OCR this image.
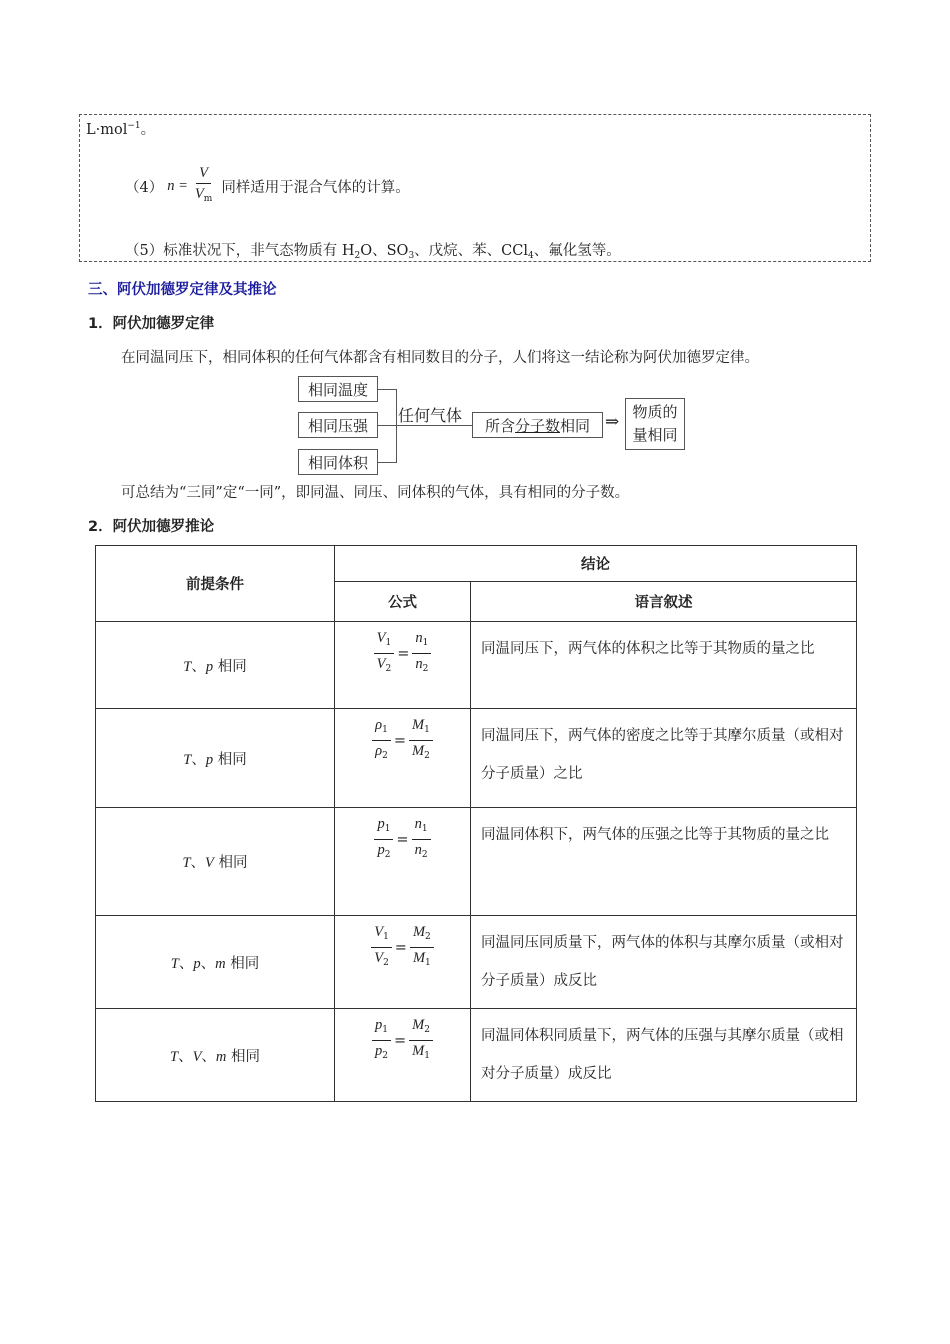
L·mol$^{-1}$。
（4） $n = \frac{V}{V_m}$ 同样适用于混合气体的计算。
（5）标准状况下，非气态物质有 $H_2O$、$SO_3$、戊烷、苯、CCl$_4$、氟化氢等。
三、阿伏加德罗定律及其推论
1．阿伏加德罗定律
在同温同压下，相同体积的任何气体都含有相同数目的分子，人们将这一结论称为阿伏加德罗定律。
相同温度
相同压强
相同体积
任何气体
所含 分子数 相同 ⇒ 物质的
量相同
可总结为“三同”定“一同”，即同温、同压、同体积的气体，具有相同的分子数。
2．阿伏加德罗推论
前提条件	结论	
	公式	语言叙述
T、p 相同	$\frac{V_1}{V_2} = \frac{n_1}{n_2}$	同温同压下，两气体的体积之比等于其物质的量之比
T、p 相同	$\frac{\rho_1}{\rho_2} = \frac{M_1}{M_2}$	同温同压下，两气体的密度之比等于其摩尔质量（或相对分子质量）之比
T、V 相同	$\frac{p_1}{p_2} = \frac{n_1}{n_2}$	同温同体积下，两气体的压强之比等于其物质的量之比
T、p、m 相同	$\frac{V_1}{V_2} = \frac{M_2}{M_1}$	同温同压同质量下，两气体的体积与其摩尔质量（或相对分子质量）成反比
T、V、m 相同	$\frac{p_1}{p_2} = \frac{M_2}{M_1}$	同温同体积同质量下，两气体的压强与其摩尔质量（或相对分子质量）成反比
